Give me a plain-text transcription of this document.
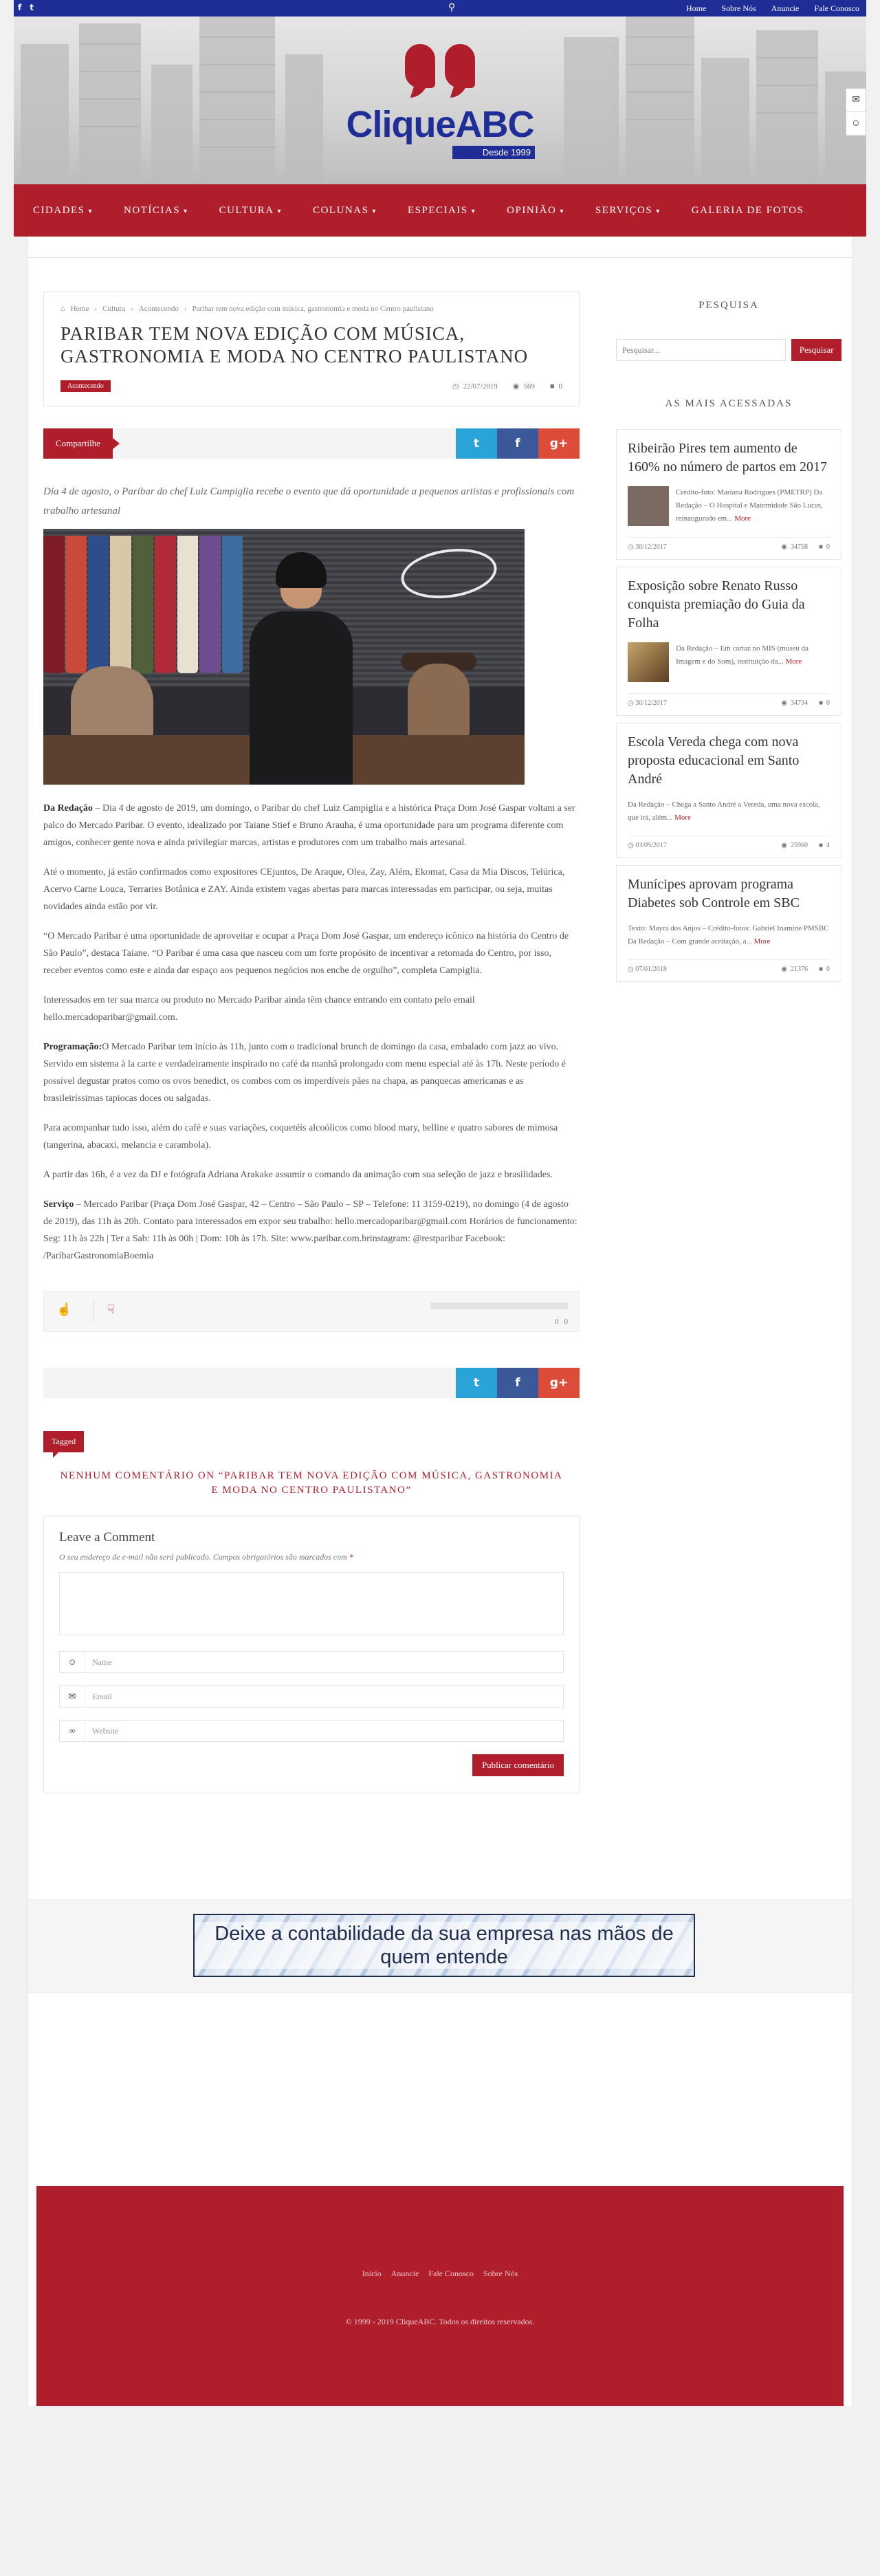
f t	⚲	Home Sobre Nós Anuncie Fale Conosco
CliqueABC
Desde 1999
✉
☺
CIDADES ▾	NOTÍCIAS ▾	CULTURA ▾	COLUNAS ▾	ESPECIAIS ▾	OPINIÃO ▾	SERVIÇOS ▾	GALERIA DE FOTOS
⌂ Home › Cultura › Acontecendo › Paribar tem nova edição com música, gastronomia e moda no Centro paulistano
PARIBAR TEM NOVA EDIÇÃO COM MÚSICA, GASTRONOMIA E MODA NO CENTRO PAULISTANO
Acontecendo	◷ 22/07/2019 ◉ 569 ■ 0
Compartilhe	t	f	g+

Dia 4 de agosto, o Paribar do chef Luiz Campiglia recebe o evento que dá oportunidade a pequenos artistas e profissionais com trabalho artesanal

Da Redação – Dia 4 de agosto de 2019, um domingo, o Paribar do chef Luiz Campiglia e a histórica Praça Dom José Gaspar voltam a ser palco do Mercado Paribar. O evento, idealizado por Taiane Stief e Bruno Arauha, é uma oportunidade para um programa diferente com amigos, conhecer gente nova e ainda privilegiar marcas, artistas e produtores com um trabalho mais artesanal.

Até o momento, já estão confirmados como expositores CEjuntos, De Araque, Olea, Zay, Além, Ekomat, Casa da Mia Discos, Telúrica, Acervo Carne Louca, Terraries Botânica e ZAY. Ainda existem vagas abertas para marcas interessadas em participar, ou seja, muitas novidades ainda estão por vir.

“O Mercado Paribar é uma oportunidade de aproveitar e ocupar a Praça Dom José Gaspar, um endereço icônico na história do Centro de São Paulo”, destaca Taiane. “O Paribar é uma casa que nasceu com um forte propósito de incentivar a retomada do Centro, por isso, receber eventos como este e ainda dar espaço aos pequenos negócios nos enche de orgulho”, completa Campiglia.

Interessados em ter sua marca ou produto no Mercado Paribar ainda têm chance entrando em contato pelo email hello.mercadoparibar@gmail.com.

Programação:O Mercado Paribar tem início às 11h, junto com o tradicional brunch de domingo da casa, embalado com jazz ao vivo. Servido em sistema à la carte e verdadeiramente inspirado no café da manhã prolongado com menu especial até às 17h. Neste período é possível degustar pratos como os ovos benedict, os combos com os imperdíveis pães na chapa, as panquecas americanas e as brasileiríssimas tapiocas doces ou salgadas.

Para acompanhar tudo isso, além do café e suas variações, coquetéis alcoólicos como blood mary, belline e quatro sabores de mimosa (tangerina, abacaxi, melancia e carambola).

A partir das 16h, é a vez da DJ e fotógrafa Adriana Arakake assumir o comando da animação com sua seleção de jazz e brasilidades.

Serviço – Mercado Paribar (Praça Dom José Gaspar, 42 – Centro – São Paulo – SP – Telefone: 11 3159-0219), no domingo (4 de agosto de 2019), das 11h às 20h. Contato para interessados em expor seu trabalho: hello.mercadoparibar@gmail.com Horários de funcionamento: Seg: 11h às 22h | Ter a Sab: 11h às 00h | Dom: 10h às 17h. Site: www.paribar.com.brinstagram: @restparibar Facebook: /ParibarGastronomiaBoemia

☝	☟
0 0
t	f	g+
Tagged
NENHUM COMENTÁRIO ON “PARIBAR TEM NOVA EDIÇÃO COM MÚSICA, GASTRONOMIA E MODA NO CENTRO PAULISTANO”
Leave a Comment
O seu endereço de e-mail não será publicado. Campos obrigatórios são marcados com *
☺
Name
✉
Email
∞
Website
Publicar comentário
PESQUISA
Pesquisar...
Pesquisar
AS MAIS ACESSADAS
Ribeirão Pires tem aumento de 160% no número de partos em 2017
Crédito-foto: Mariana Rodrigues (PMETRP) Da Redação – O Hospital e Maternidade São Lucas, reinaugurado em... More
◷ 30/12/2017	◉ 34758 ■ 0
Exposição sobre Renato Russo conquista premiação do Guia da Folha
Da Redação – Em cartaz no MIS (museu da Imagem e do Som), instituição da... More
◷ 30/12/2017	◉ 34734 ■ 0
Escola Vereda chega com nova proposta educacional em Santo André
Da Redação – Chega a Santo André a Vereda, uma nova escola, que irá, além... More
◷ 03/09/2017	◉ 25960 ■ 4
Munícipes aprovam programa Diabetes sob Controle em SBC
Texto: Mayra dos Anjos – Crédito-fotos: Gabriel Inamine PMSBC Da Redação – Com grande aceitação, a... More
◷ 07/01/2018	◉ 21376 ■ 0
Deixe a contabilidade da sua empresa nas mãos de quem entende
Início Anuncie Fale Conosco Sobre Nós
© 1999 - 2019 CliqueABC. Todos os direitos reservados.
